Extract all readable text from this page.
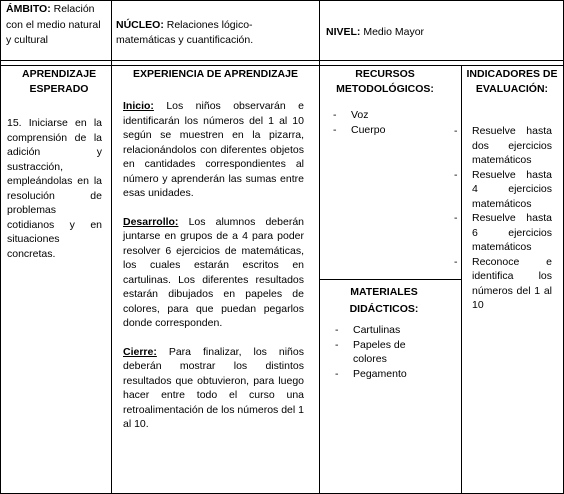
ÁMBITO: Relación con el medio natural y cultural
NÚCLEO: Relaciones lógico-matemáticas y cuantificación.
NIVEL: Medio Mayor
APRENDIZAJE ESPERADO
EXPERIENCIA DE APRENDIZAJE	RECURSOS METODOLÓGICOS:
INDICADORES DE EVALUACIÓN:
15. Iniciarse en la comprensión de la adición y sustracción, empleándolas en la resolución de problemas cotidianos y en situaciones concretas.

Inicio: Los niños observarán e identificarán los números del 1 al 10 según se muestren en la pizarra, relacionándolos con diferentes objetos en cantidades correspondientes al número y aprenderán las sumas entre esas unidades.

Desarrollo: Los alumnos deberán juntarse en grupos de a 4 para poder resolver 6 ejercicios de matemáticas, los cuales estarán escritos en cartulinas. Los diferentes resultados estarán dibujados en papeles de colores, para que puedan pegarlos donde corresponden.

Cierre: Para finalizar, los niños deberán mostrar los distintos resultados que obtuvieron, para luego hacer entre todo el curso una retroalimentación de los números del 1 al 10.

- Voz
- Cuerpo
MATERIALES DIDÁCTICOS:
- Cartulinas
- Papeles de colores
- Pegamento
- Resuelve hasta dos ejercicios matemáticos
- Resuelve hasta 4 ejercicios matemáticos
- Resuelve hasta 6 ejercicios matemáticos
- Reconoce e identifica los números del 1 al 10
